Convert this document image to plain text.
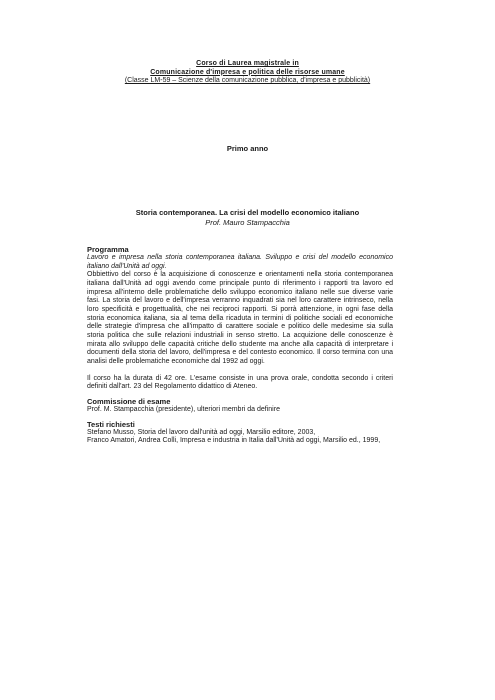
Corso di Laurea magistrale in
Comunicazione d'impresa e politica delle risorse umane
(Classe LM-59 – Scienze della comunicazione pubblica, d'impresa e pubblicità)
Primo anno
Storia contemporanea. La crisi del modello economico italiano
Prof. Mauro Stampacchia
Programma

Lavoro e impresa nella storia contemporanea italiana. Sviluppo e crisi del modello economico italiano dall'Unità ad oggi.

Obbiettivo del corso è la acquisizione di conoscenze e orientamenti nella storia contemporanea italiana dall'Unità ad oggi avendo come principale punto di riferimento i rapporti tra lavoro ed impresa all'interno delle problematiche dello sviluppo economico italiano nelle sue diverse varie fasi. La storia del lavoro e dell'impresa verranno inquadrati sia nel loro carattere intrinseco, nella loro specificità e progettualità, che nei reciproci rapporti. Si porrà attenzione, in ogni fase della storia economica italiana, sia al tema della ricaduta in termini di politiche sociali ed economiche delle strategie d'impresa che all'impatto di carattere sociale e politico delle medesime sia sulla storia politica che sulle relazioni industriali in senso stretto. La acquizione delle conoscenze è mirata allo sviluppo delle capacità critiche dello studente ma anche alla capacità di interpretare i documenti della storia del lavoro, dell'impresa e del contesto economico. Il corso termina con una analisi delle problematiche economiche dal 1992 ad oggi.

Il corso ha la durata di 42 ore. L'esame consiste in una prova orale, condotta secondo i criteri definiti dall'art. 23 del Regolamento didattico di Ateneo.

Commissione di esame

Prof. M. Stampacchia (presidente), ulteriori membri da definire

Testi richiesti

Stefano Musso, Storia del lavoro dall'unità ad oggi, Marsilio editore, 2003,

Franco Amatori, Andrea Colli, Impresa e industria in Italia dall'Unità ad oggi, Marsilio ed., 1999,
